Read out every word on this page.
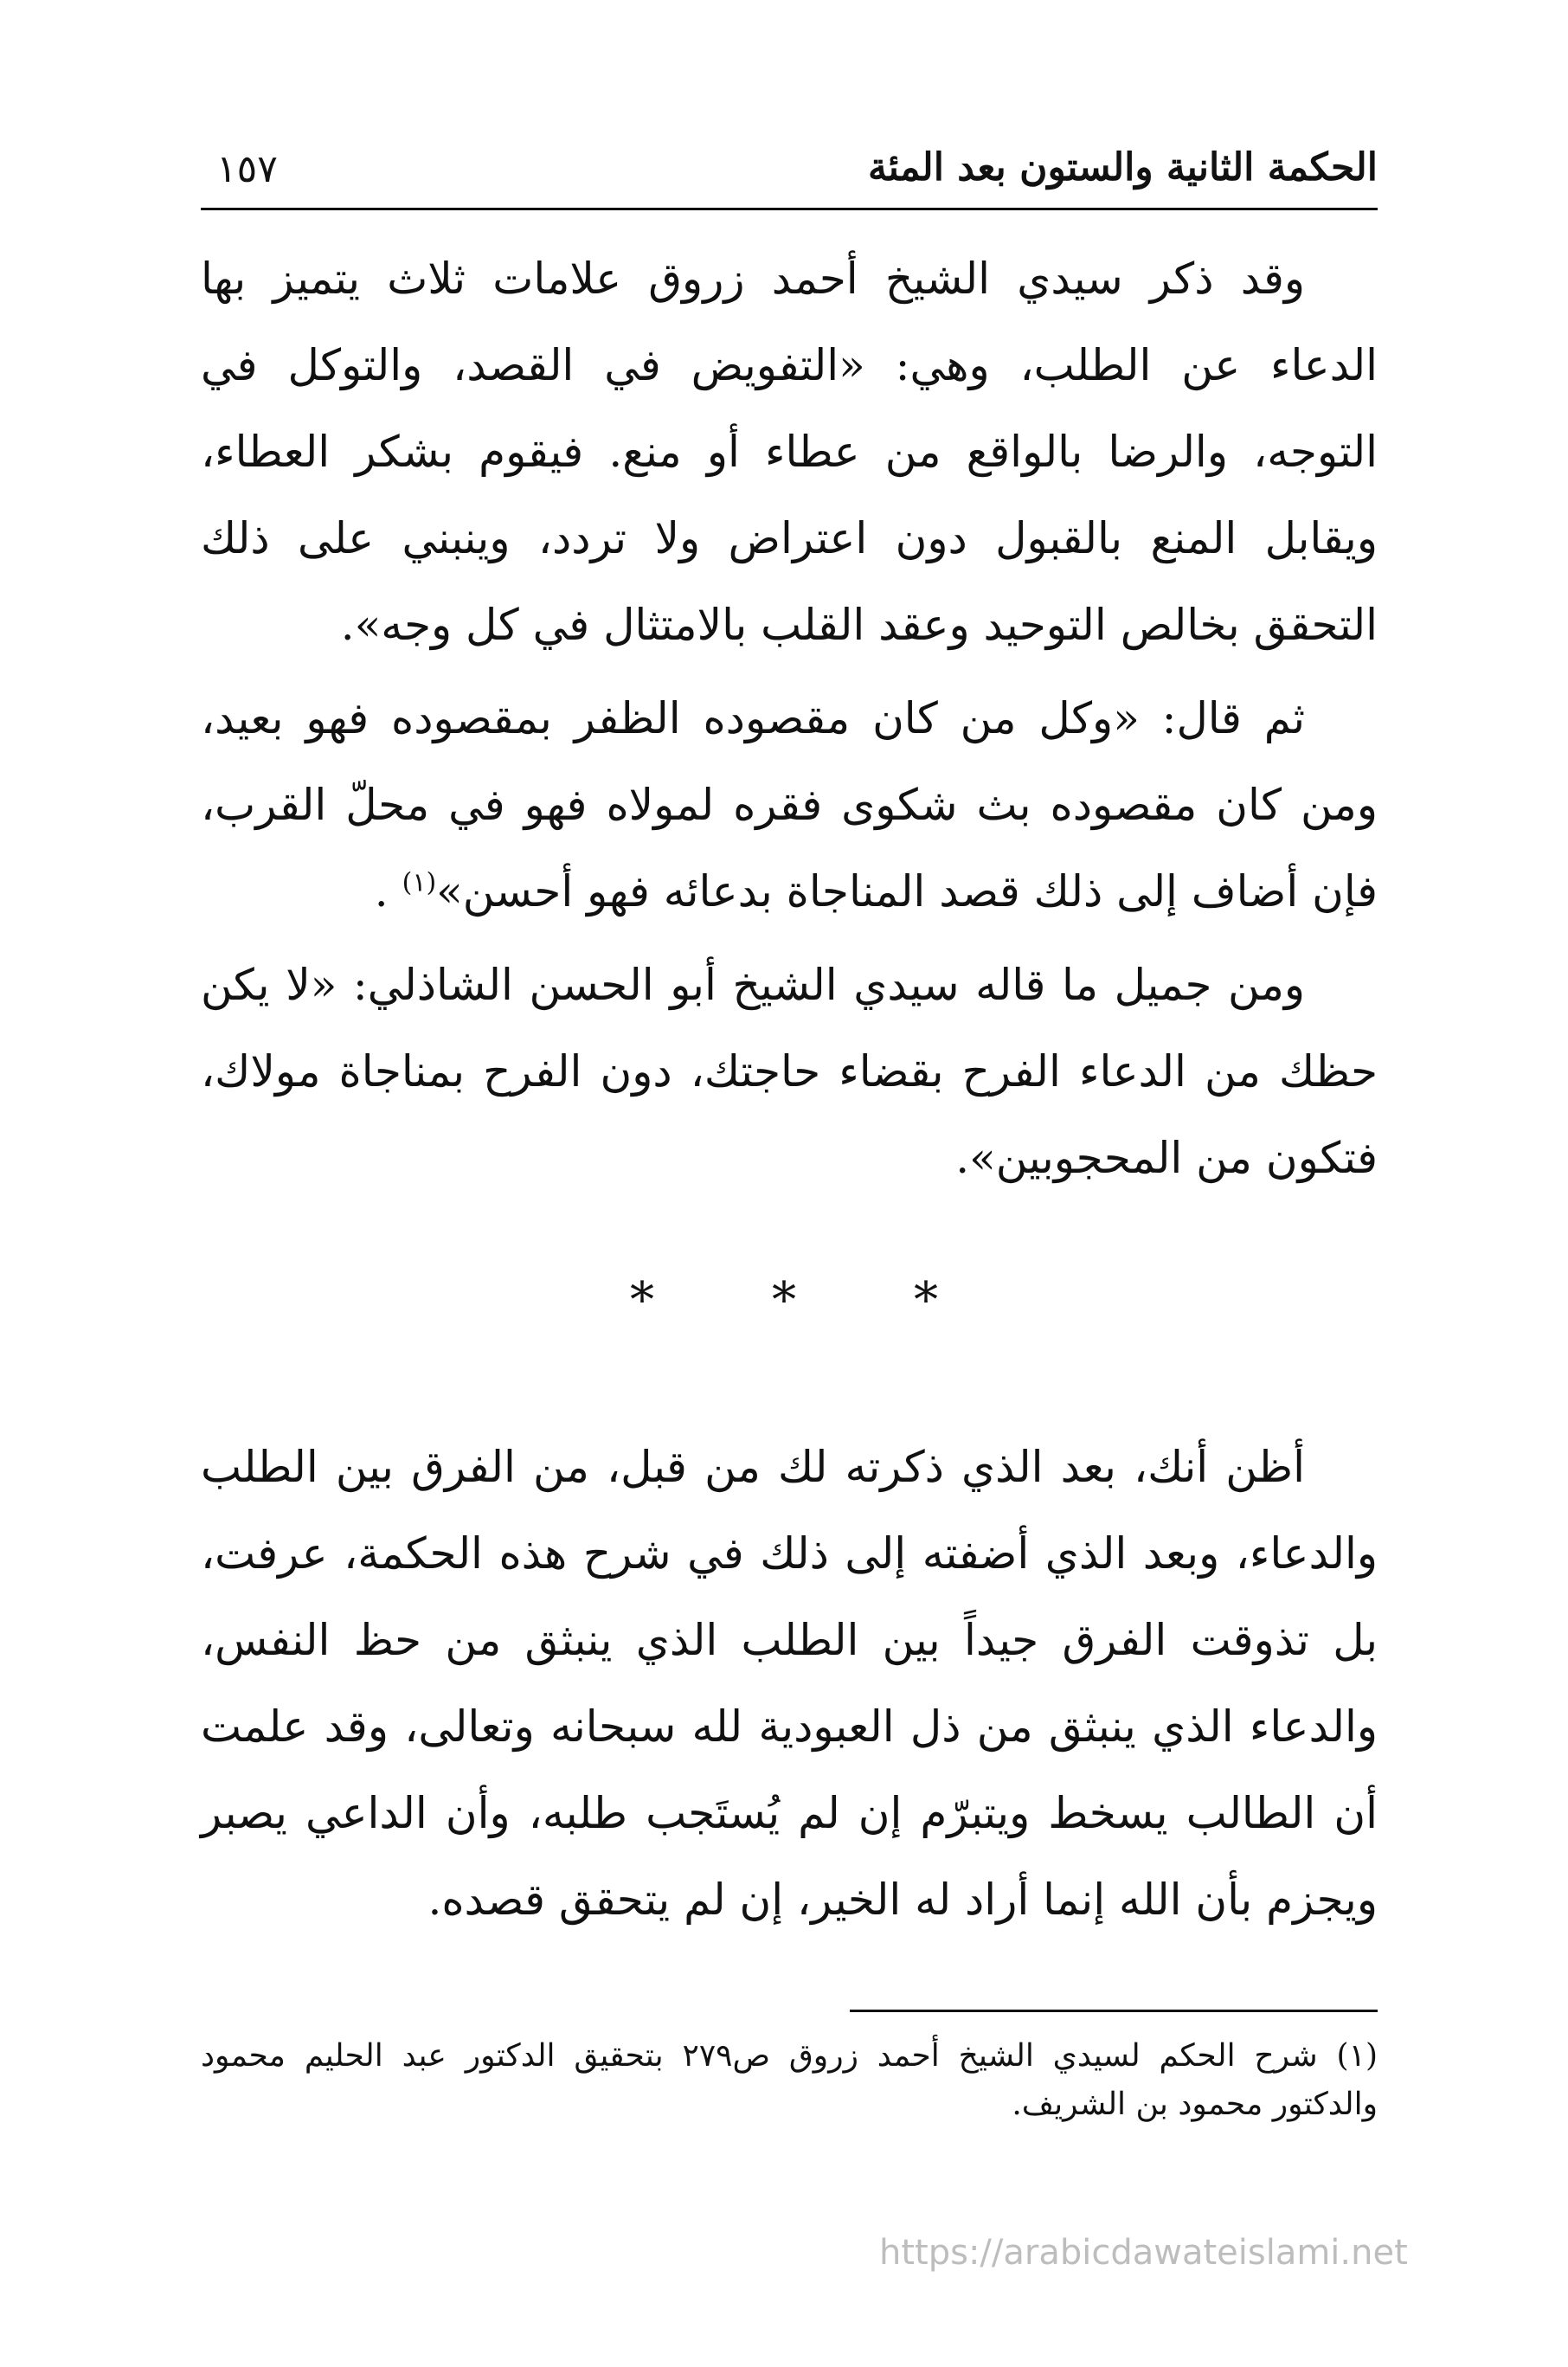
الحكمة الثانية والستون بعد المئة
١٥٧

وقد ذكر سيدي الشيخ أحمد زروق علامات ثلاث يتميز بها الدعاء عن الطلب، وهي: «التفويض في القصد، والتوكل في التوجه، والرضا بالواقع من عطاء أو منع. فيقوم بشكر العطاء، ويقابل المنع بالقبول دون اعتراض ولا تردد، وينبني على ذلك التحقق بخالص التوحيد وعقد القلب بالامتثال في كل وجه».

ثم قال: «وكل من كان مقصوده الظفر بمقصوده فهو بعيد، ومن كان مقصوده بث شكوى فقره لمولاه فهو في محلّ القرب، فإن أضاف إلى ذلك قصد المناجاة بدعائه فهو أحسن»$^{(١)}$ .

ومن جميل ما قاله سيدي الشيخ أبو الحسن الشاذلي: «لا يكن حظك من الدعاء الفرح بقضاء حاجتك، دون الفرح بمناجاة مولاك، فتكون من المحجوبين».

* * *

أظن أنك، بعد الذي ذكرته لك من قبل، من الفرق بين الطلب والدعاء، وبعد الذي أضفته إلى ذلك في شرح هذه الحكمة، عرفت، بل تذوقت الفرق جيداً بين الطلب الذي ينبثق من حظ النفس، والدعاء الذي ينبثق من ذل العبودية لله سبحانه وتعالى، وقد علمت أن الطالب يسخط ويتبرّم إن لم يُستَجب طلبه، وأن الداعي يصبر ويجزم بأن الله إنما أراد له الخير، إن لم يتحقق قصده.

(١) شرح الحكم لسيدي الشيخ أحمد زروق ص٢٧٩ بتحقيق الدكتور عبد الحليم محمود والدكتور محمود بن الشريف.

https://arabicdawateislami.net
